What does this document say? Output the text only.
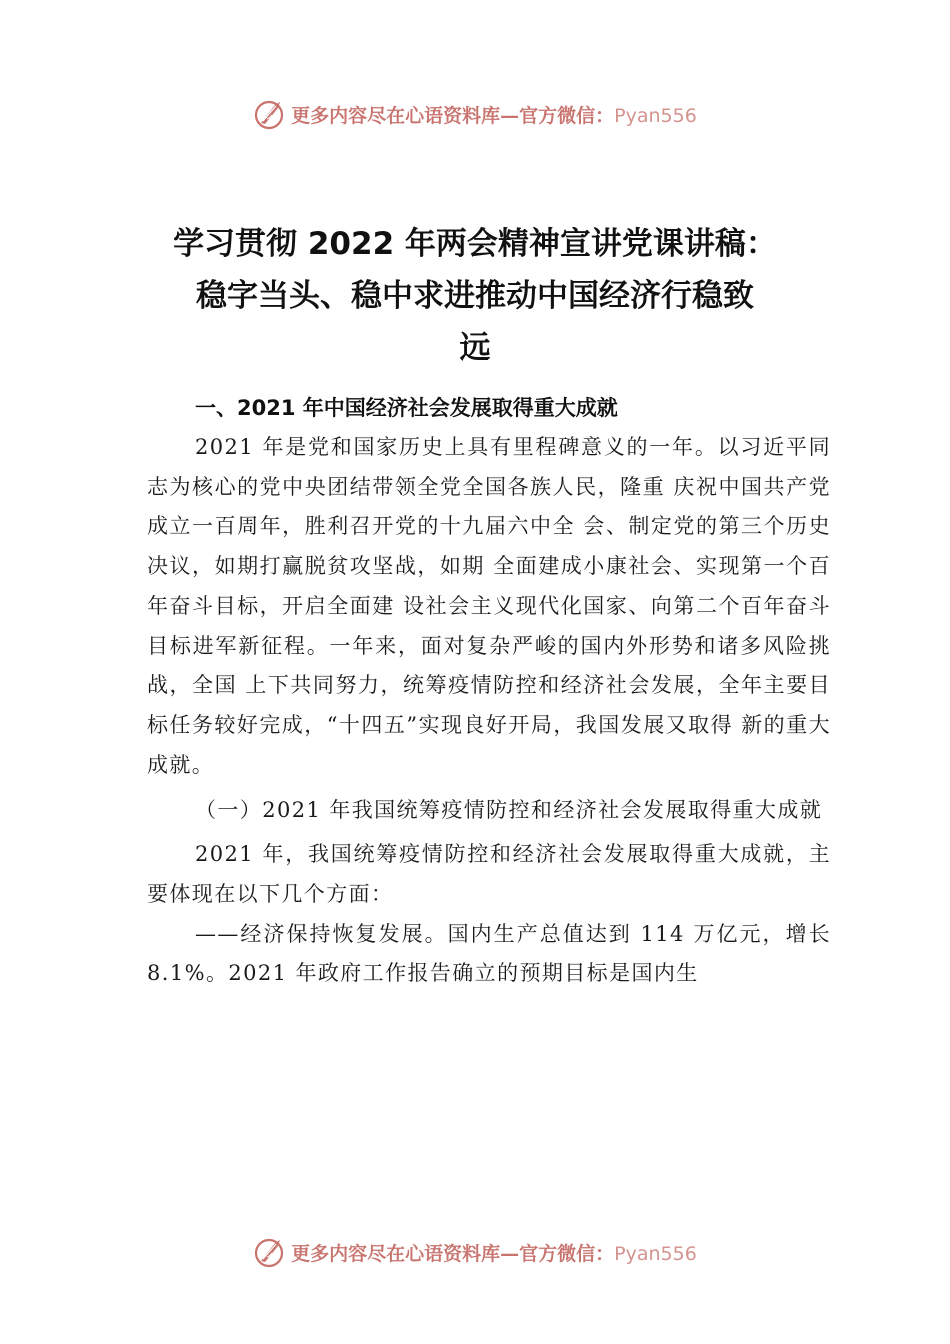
更多内容尽在心语资料库—官方微信：Pyan556
学习贯彻 2022 年两会精神宣讲党课讲稿：
稳字当头、稳中求进推动中国经济行稳致
远

一、2021 年中国经济社会发展取得重大成就

2021 年是党和国家历史上具有里程碑意义的一年。以习近平同志为核心的党中央团结带领全党全国各族人民，隆重 庆祝中国共产党成立一百周年，胜利召开党的十九届六中全 会、制定党的第三个历史决议，如期打赢脱贫攻坚战，如期 全面建成小康社会、实现第一个百年奋斗目标，开启全面建 设社会主义现代化国家、向第二个百年奋斗目标进军新征程。一年来，面对复杂严峻的国内外形势和诸多风险挑战，全国 上下共同努力，统筹疫情防控和经济社会发展，全年主要目标任务较好完成，“十四五”实现良好开局，我国发展又取得 新的重大成就。

（一）2021 年我国统筹疫情防控和经济社会发展取得重大成就

2021 年，我国统筹疫情防控和经济社会发展取得重大成就，主要体现在以下几个方面：

——经济保持恢复发展。国内生产总值达到 114 万亿元，增长 8.1%。2021 年政府工作报告确立的预期目标是国内生

更多内容尽在心语资料库—官方微信：Pyan556
